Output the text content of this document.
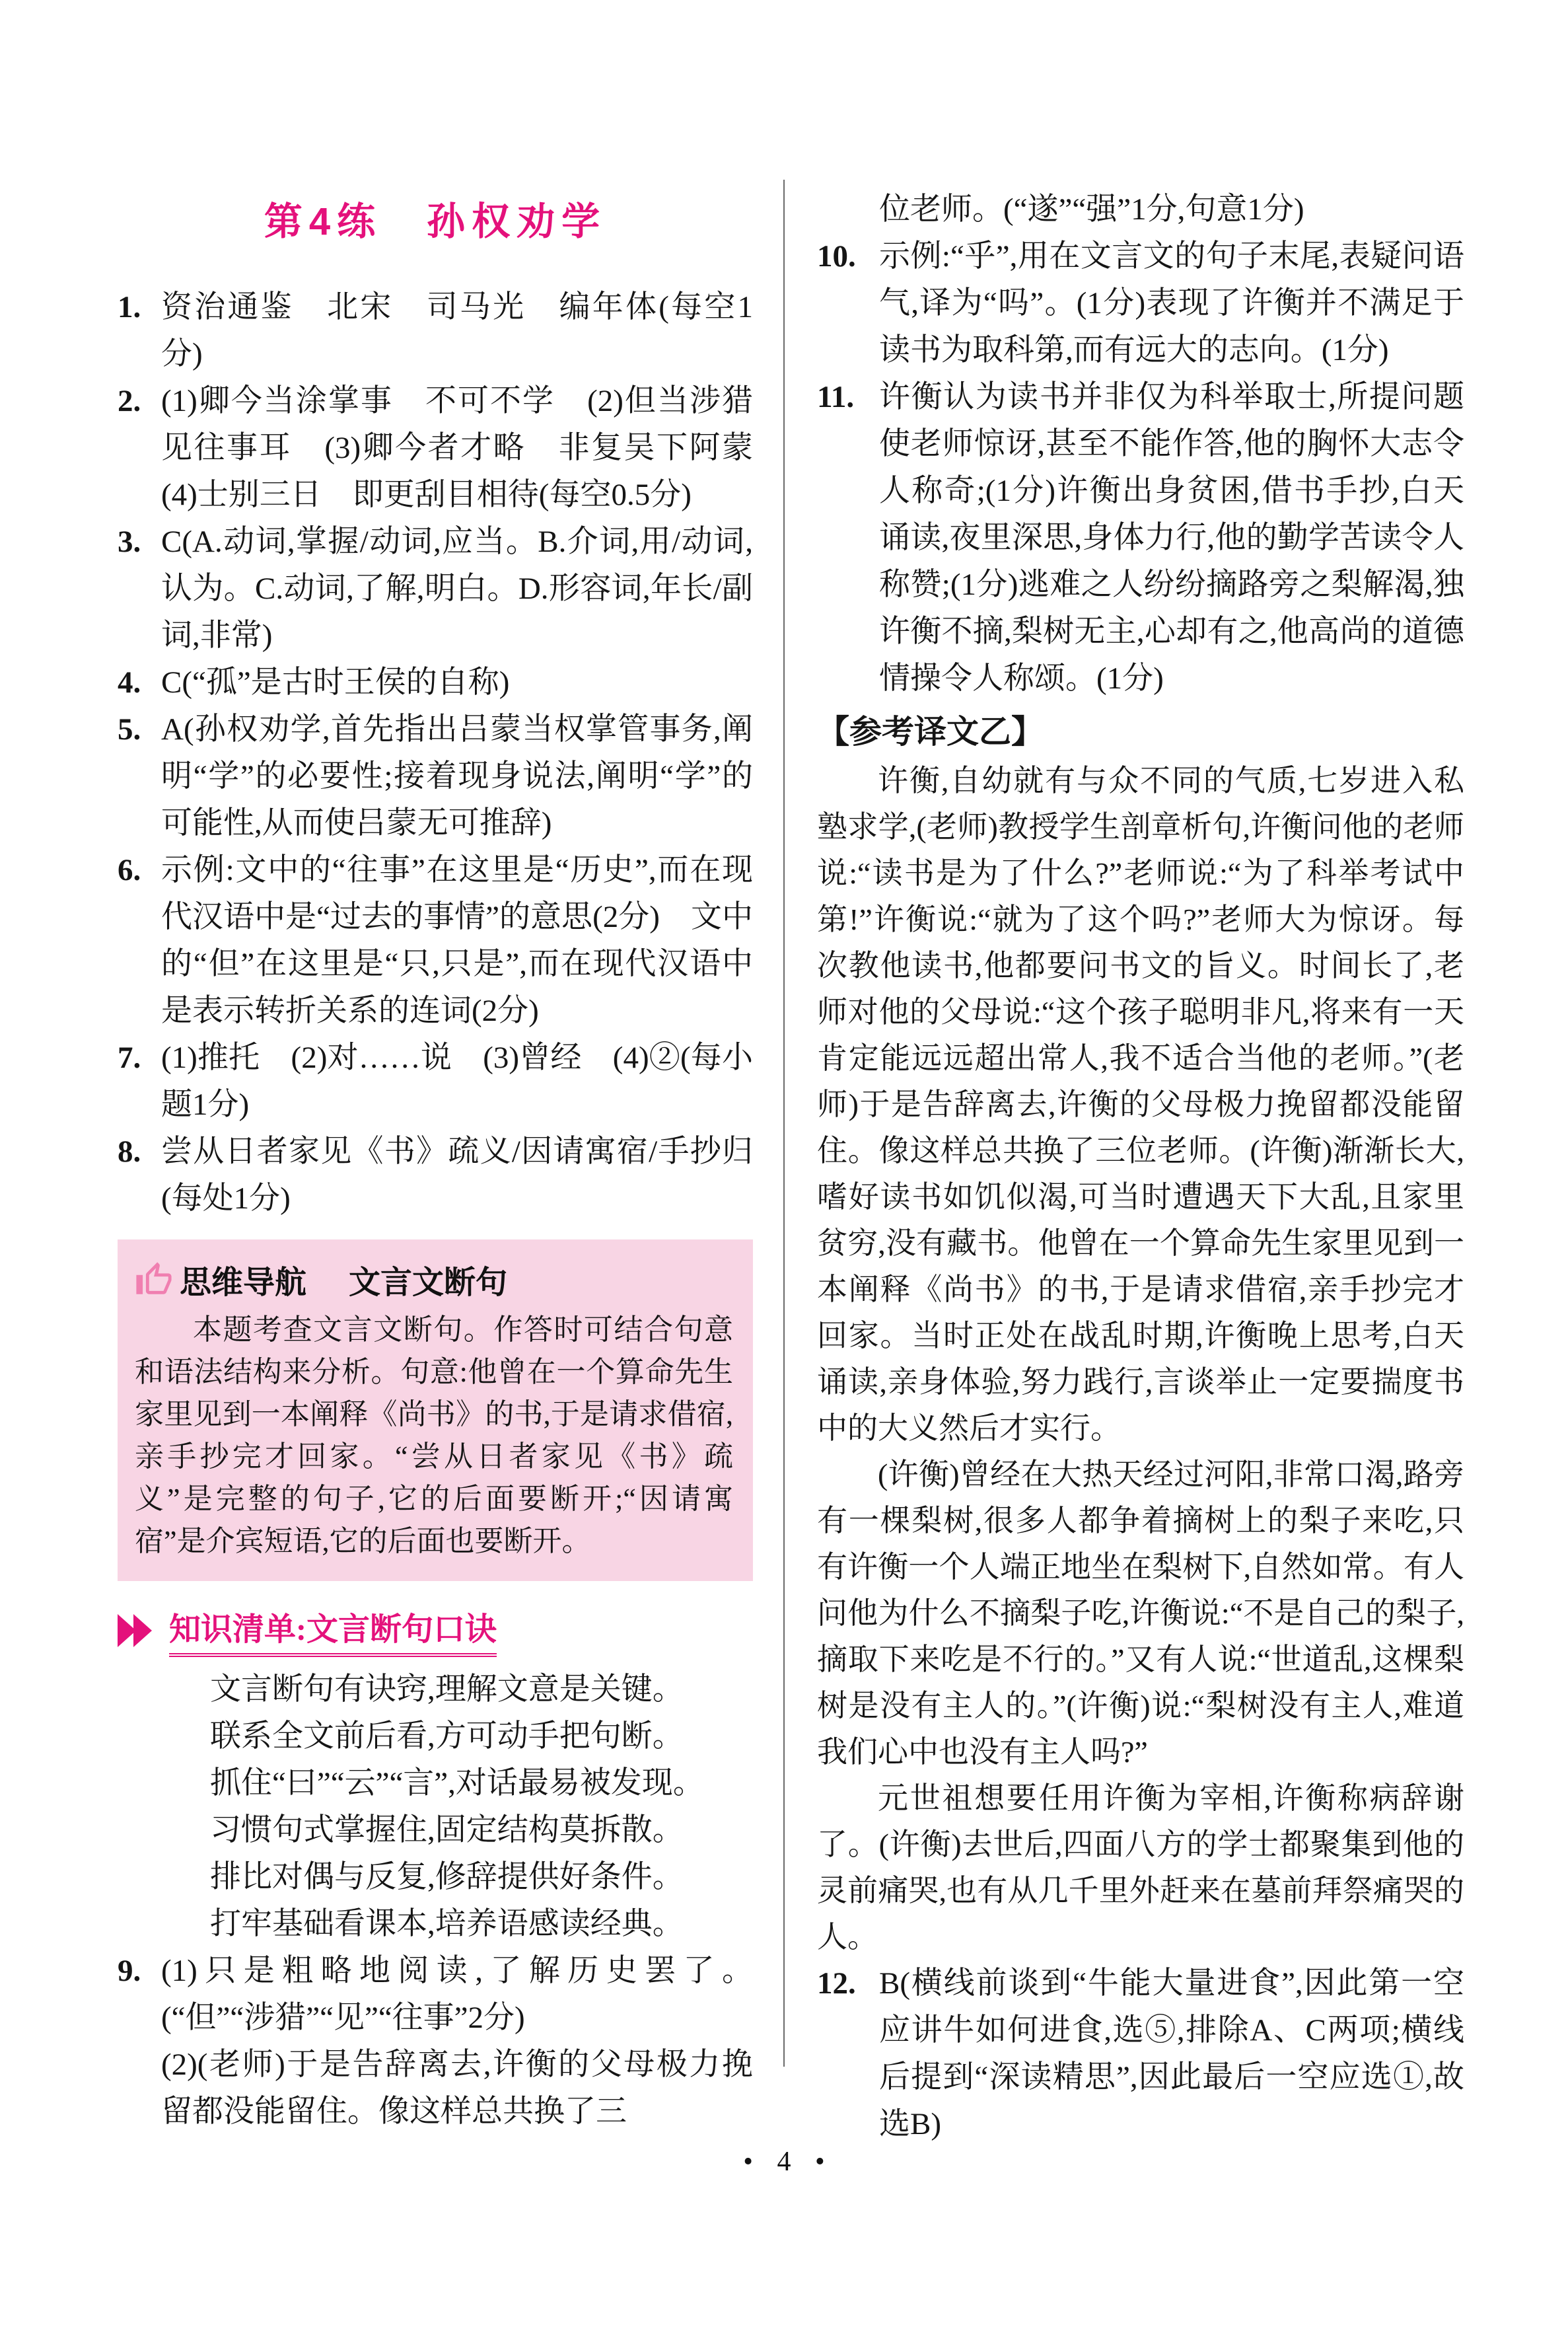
第4练　孙权劝学
1. 资治通鉴　北宋　司马光　编年体(每空1分)
2. (1)卿今当涂掌事　不可不学　(2)但当涉猎　见往事耳　(3)卿今者才略　非复吴下阿蒙　(4)士别三日　即更刮目相待(每空0.5分)
3. C(A.动词,掌握/动词,应当。B.介词,用/动词,认为。C.动词,了解,明白。D.形容词,年长/副词,非常)
4. C(“孤”是古时王侯的自称)
5. A(孙权劝学,首先指出吕蒙当权掌管事务,阐明“学”的必要性;接着现身说法,阐明“学”的可能性,从而使吕蒙无可推辞)
6. 示例:文中的“往事”在这里是“历史”,而在现代汉语中是“过去的事情”的意思(2分)　文中的“但”在这里是“只,只是”,而在现代汉语中是表示转折关系的连词(2分)
7. (1)推托　(2)对……说　(3)曾经　(4)②(每小题1分)
8. 尝从日者家见《书》疏义/因请寓宿/手抄归(每处1分)
思维导航 文言文断句
本题考查文言文断句。作答时可结合句意和语法结构来分析。句意:他曾在一个算命先生家里见到一本阐释《尚书》的书,于是请求借宿,亲手抄完才回家。“尝从日者家见《书》疏义”是完整的句子,它的后面要断开;“因请寓宿”是介宾短语,它的后面也要断开。
知识清单:文言断句口诀
文言断句有诀窍,理解文意是关键。
联系全文前后看,方可动手把句断。
抓住“曰”“云”“言”,对话最易被发现。
习惯句式掌握住,固定结构莫拆散。
排比对偶与反复,修辞提供好条件。
打牢基础看课本,培养语感读经典。
9. (1)只是粗略地阅读,了解历史罢了。(“但”“涉猎”“见”“往事”2分)
(2)(老师)于是告辞离去,许衡的父母极力挽留都没能留住。像这样总共换了三
位老师。(“遂”“强”1分,句意1分)
10. 示例:“乎”,用在文言文的句子末尾,表疑问语气,译为“吗”。(1分)表现了许衡并不满足于读书为取科第,而有远大的志向。(1分)
11. 许衡认为读书并非仅为科举取士,所提问题使老师惊讶,甚至不能作答,他的胸怀大志令人称奇;(1分)许衡出身贫困,借书手抄,白天诵读,夜里深思,身体力行,他的勤学苦读令人称赞;(1分)逃难之人纷纷摘路旁之梨解渴,独许衡不摘,梨树无主,心却有之,他高尚的道德情操令人称颂。(1分)
【参考译文乙】

许衡,自幼就有与众不同的气质,七岁进入私塾求学,(老师)教授学生剖章析句,许衡问他的老师说:“读书是为了什么?”老师说:“为了科举考试中第!”许衡说:“就为了这个吗?”老师大为惊讶。每次教他读书,他都要问书文的旨义。时间长了,老师对他的父母说:“这个孩子聪明非凡,将来有一天肯定能远远超出常人,我不适合当他的老师。”(老师)于是告辞离去,许衡的父母极力挽留都没能留住。像这样总共换了三位老师。(许衡)渐渐长大,嗜好读书如饥似渴,可当时遭遇天下大乱,且家里贫穷,没有藏书。他曾在一个算命先生家里见到一本阐释《尚书》的书,于是请求借宿,亲手抄完才回家。当时正处在战乱时期,许衡晚上思考,白天诵读,亲身体验,努力践行,言谈举止一定要揣度书中的大义然后才实行。

(许衡)曾经在大热天经过河阳,非常口渴,路旁有一棵梨树,很多人都争着摘树上的梨子来吃,只有许衡一个人端正地坐在梨树下,自然如常。有人问他为什么不摘梨子吃,许衡说:“不是自己的梨子,摘取下来吃是不行的。”又有人说:“世道乱,这棵梨树是没有主人的。”(许衡)说:“梨树没有主人,难道我们心中也没有主人吗?”

元世祖想要任用许衡为宰相,许衡称病辞谢了。(许衡)去世后,四面八方的学士都聚集到他的灵前痛哭,也有从几千里外赶来在墓前拜祭痛哭的人。

12. B(横线前谈到“牛能大量进食”,因此第一空应讲牛如何进食,选⑤,排除A、C两项;横线后提到“深读精思”,因此最后一空应选①,故选B)
• 4 •
